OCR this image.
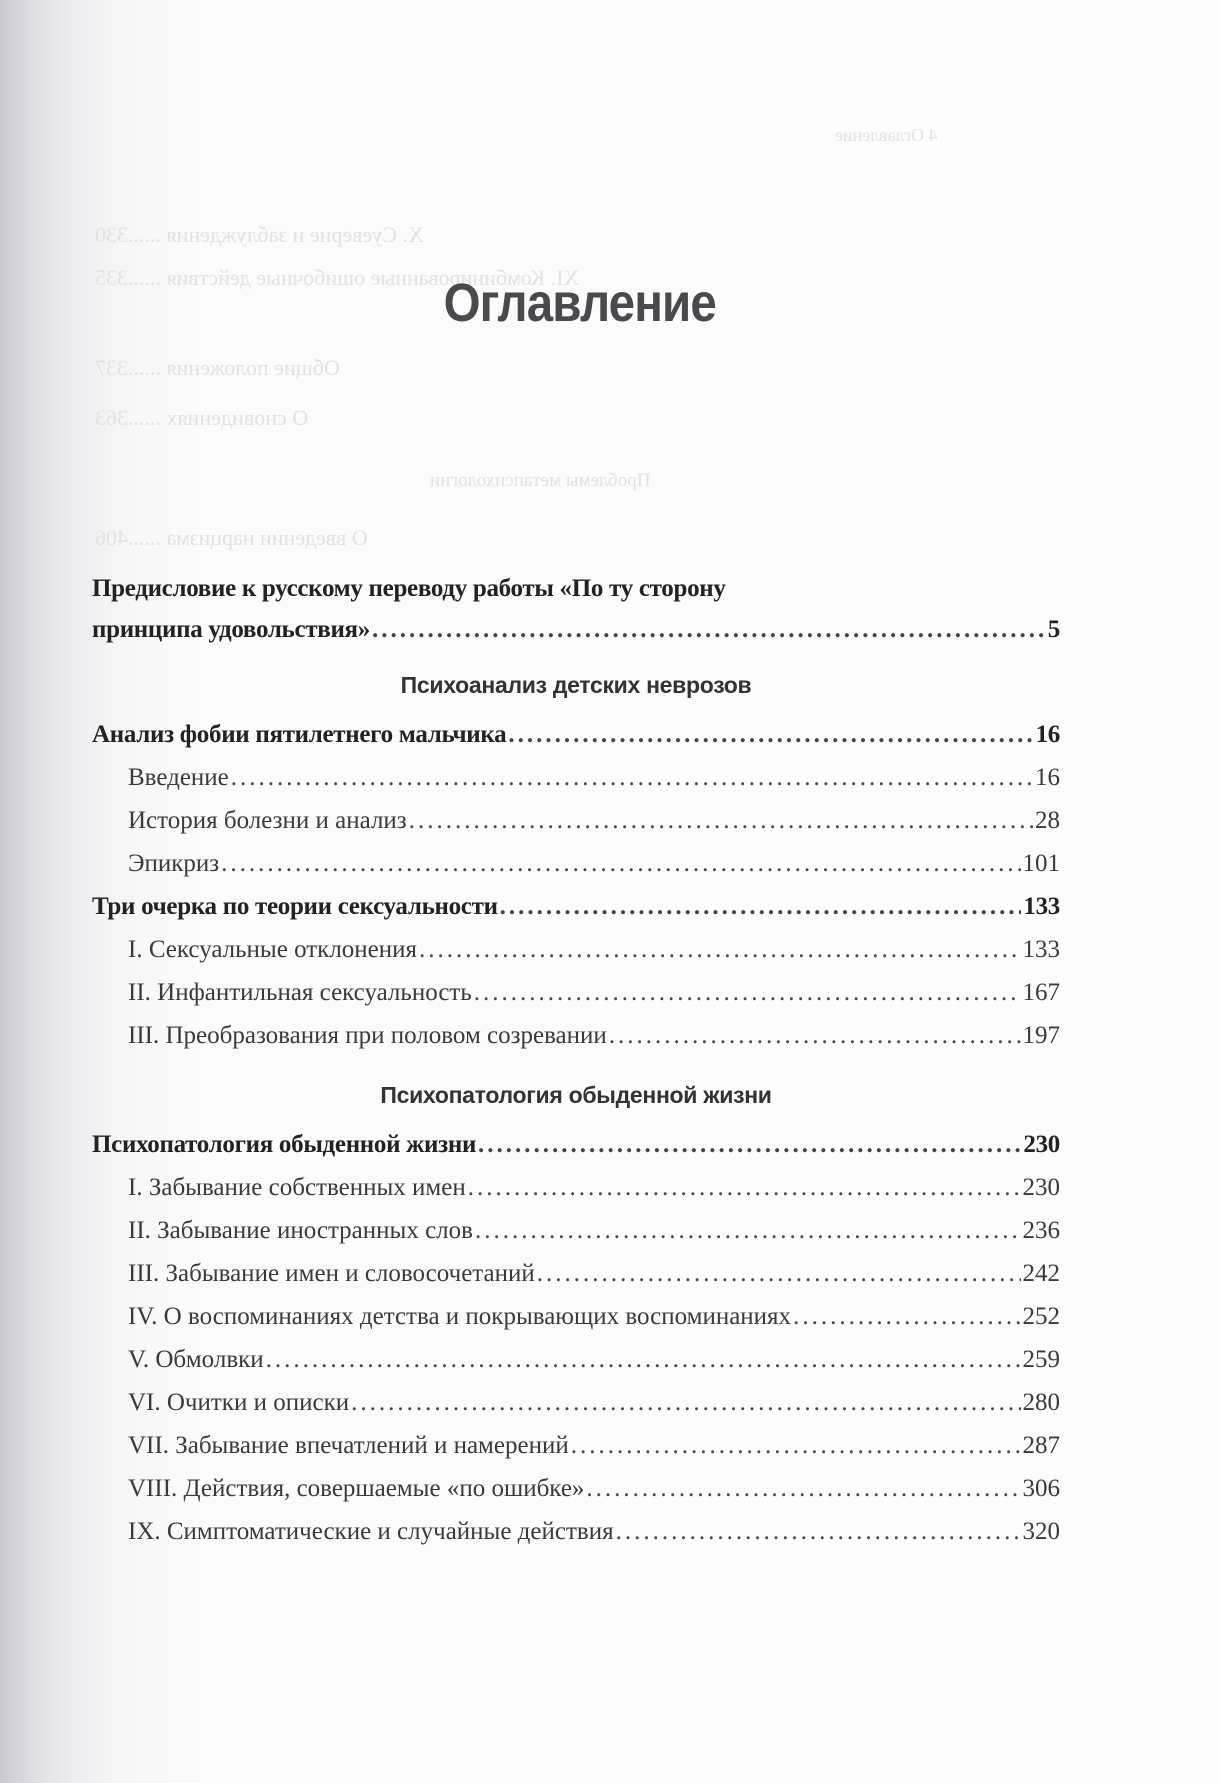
4 Оглавление
X. Суеверие и заблуждения ......330
XI. Комбинированные ошибочные действия ......335
Общие положения ......337
О сновидениях ......363
Проблемы метапсихологии
О введении нарцизма ......406
Оглавление
Предисловие к русскому переводу работы «По ту сторону
принципа удовольствия» .....	5
Психоанализ детских неврозов
Анализ фобии пятилетнего мальчика .....	16
Введение .....	16
История болезни и анализ .....	28
Эпикриз .....	101
Три очерка по теории сексуальности .....	133
I. Сексуальные отклонения .....	133
II. Инфантильная сексуальность .....	167
III. Преобразования при половом созревании .....	197
Психопатология обыденной жизни
Психопатология обыденной жизни .....	230
I. Забывание собственных имен .....	230
II. Забывание иностранных слов .....	236
III. Забывание имен и словосочетаний .....	242
IV. О воспоминаниях детства и покрывающих воспоминаниях .....	252
V. Обмолвки .....	259
VI. Очитки и описки .....	280
VII. Забывание впечатлений и намерений .....	287
VIII. Действия, совершаемые «по ошибке» .....	306
IX. Симптоматические и случайные действия .....	320
